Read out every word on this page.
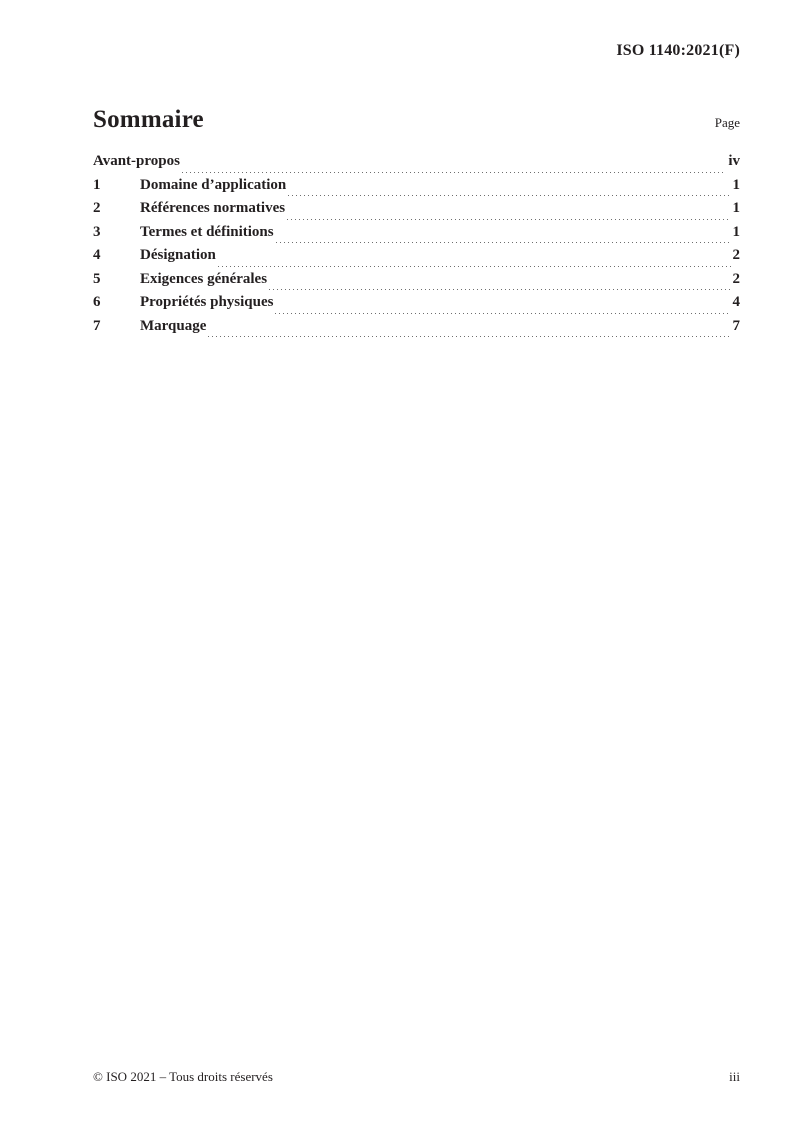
ISO 1140:2021(F)
Sommaire	Page
Avant-propos	iv
1	Domaine d’application	1
2	Références normatives	1
3	Termes et définitions	1
4	Désignation	2
5	Exigences générales	2
6	Propriétés physiques	4
7	Marquage	7
© ISO 2021 – Tous droits réservés	iii
